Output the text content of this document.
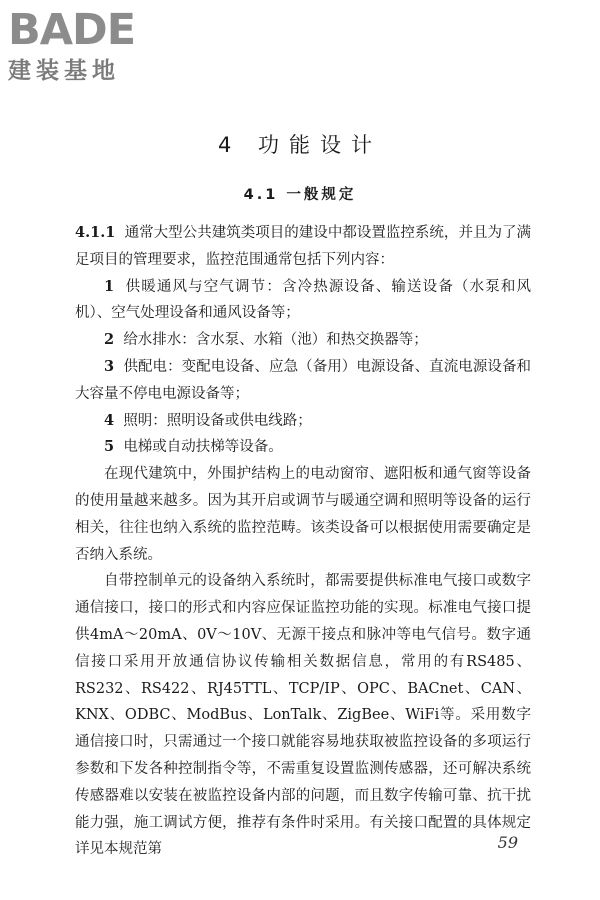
BADE
建装基地
4 功能设计
4.1 一般规定

4.1.1 通常大型公共建筑类项目的建设中都设置监控系统，并且为了满足项目的管理要求，监控范围通常包括下列内容：

1 供暖通风与空气调节：含冷热源设备、输送设备（水泵和风机）、空气处理设备和通风设备等；

2 给水排水：含水泵、水箱（池）和热交换器等；

3 供配电：变配电设备、应急（备用）电源设备、直流电源设备和大容量不停电电源设备等；

4 照明：照明设备或供电线路；

5 电梯或自动扶梯等设备。

在现代建筑中，外围护结构上的电动窗帘、遮阳板和通气窗等设备的使用量越来越多。因为其开启或调节与暖通空调和照明等设备的运行相关，往往也纳入系统的监控范畴。该类设备可以根据使用需要确定是否纳入系统。

自带控制单元的设备纳入系统时，都需要提供标准电气接口或数字通信接口，接口的形式和内容应保证监控功能的实现。标准电气接口提供4mA～20mA、0V～10V、无源干接点和脉冲等电气信号。数字通信接口采用开放通信协议传输相关数据信息，常用的有RS485、RS232、RS422、RJ45TTL、TCP/IP、OPC、BACnet、CAN、KNX、ODBC、ModBus、LonTalk、ZigBee、WiFi等。采用数字通信接口时，只需通过一个接口就能容易地获取被监控设备的多项运行参数和下发各种控制指令等，不需重复设置监测传感器，还可解决系统传感器难以安装在被监控设备内部的问题，而且数字传输可靠、抗干扰能力强，施工调试方便，推荐有条件时采用。有关接口配置的具体规定详见本规范第	59
